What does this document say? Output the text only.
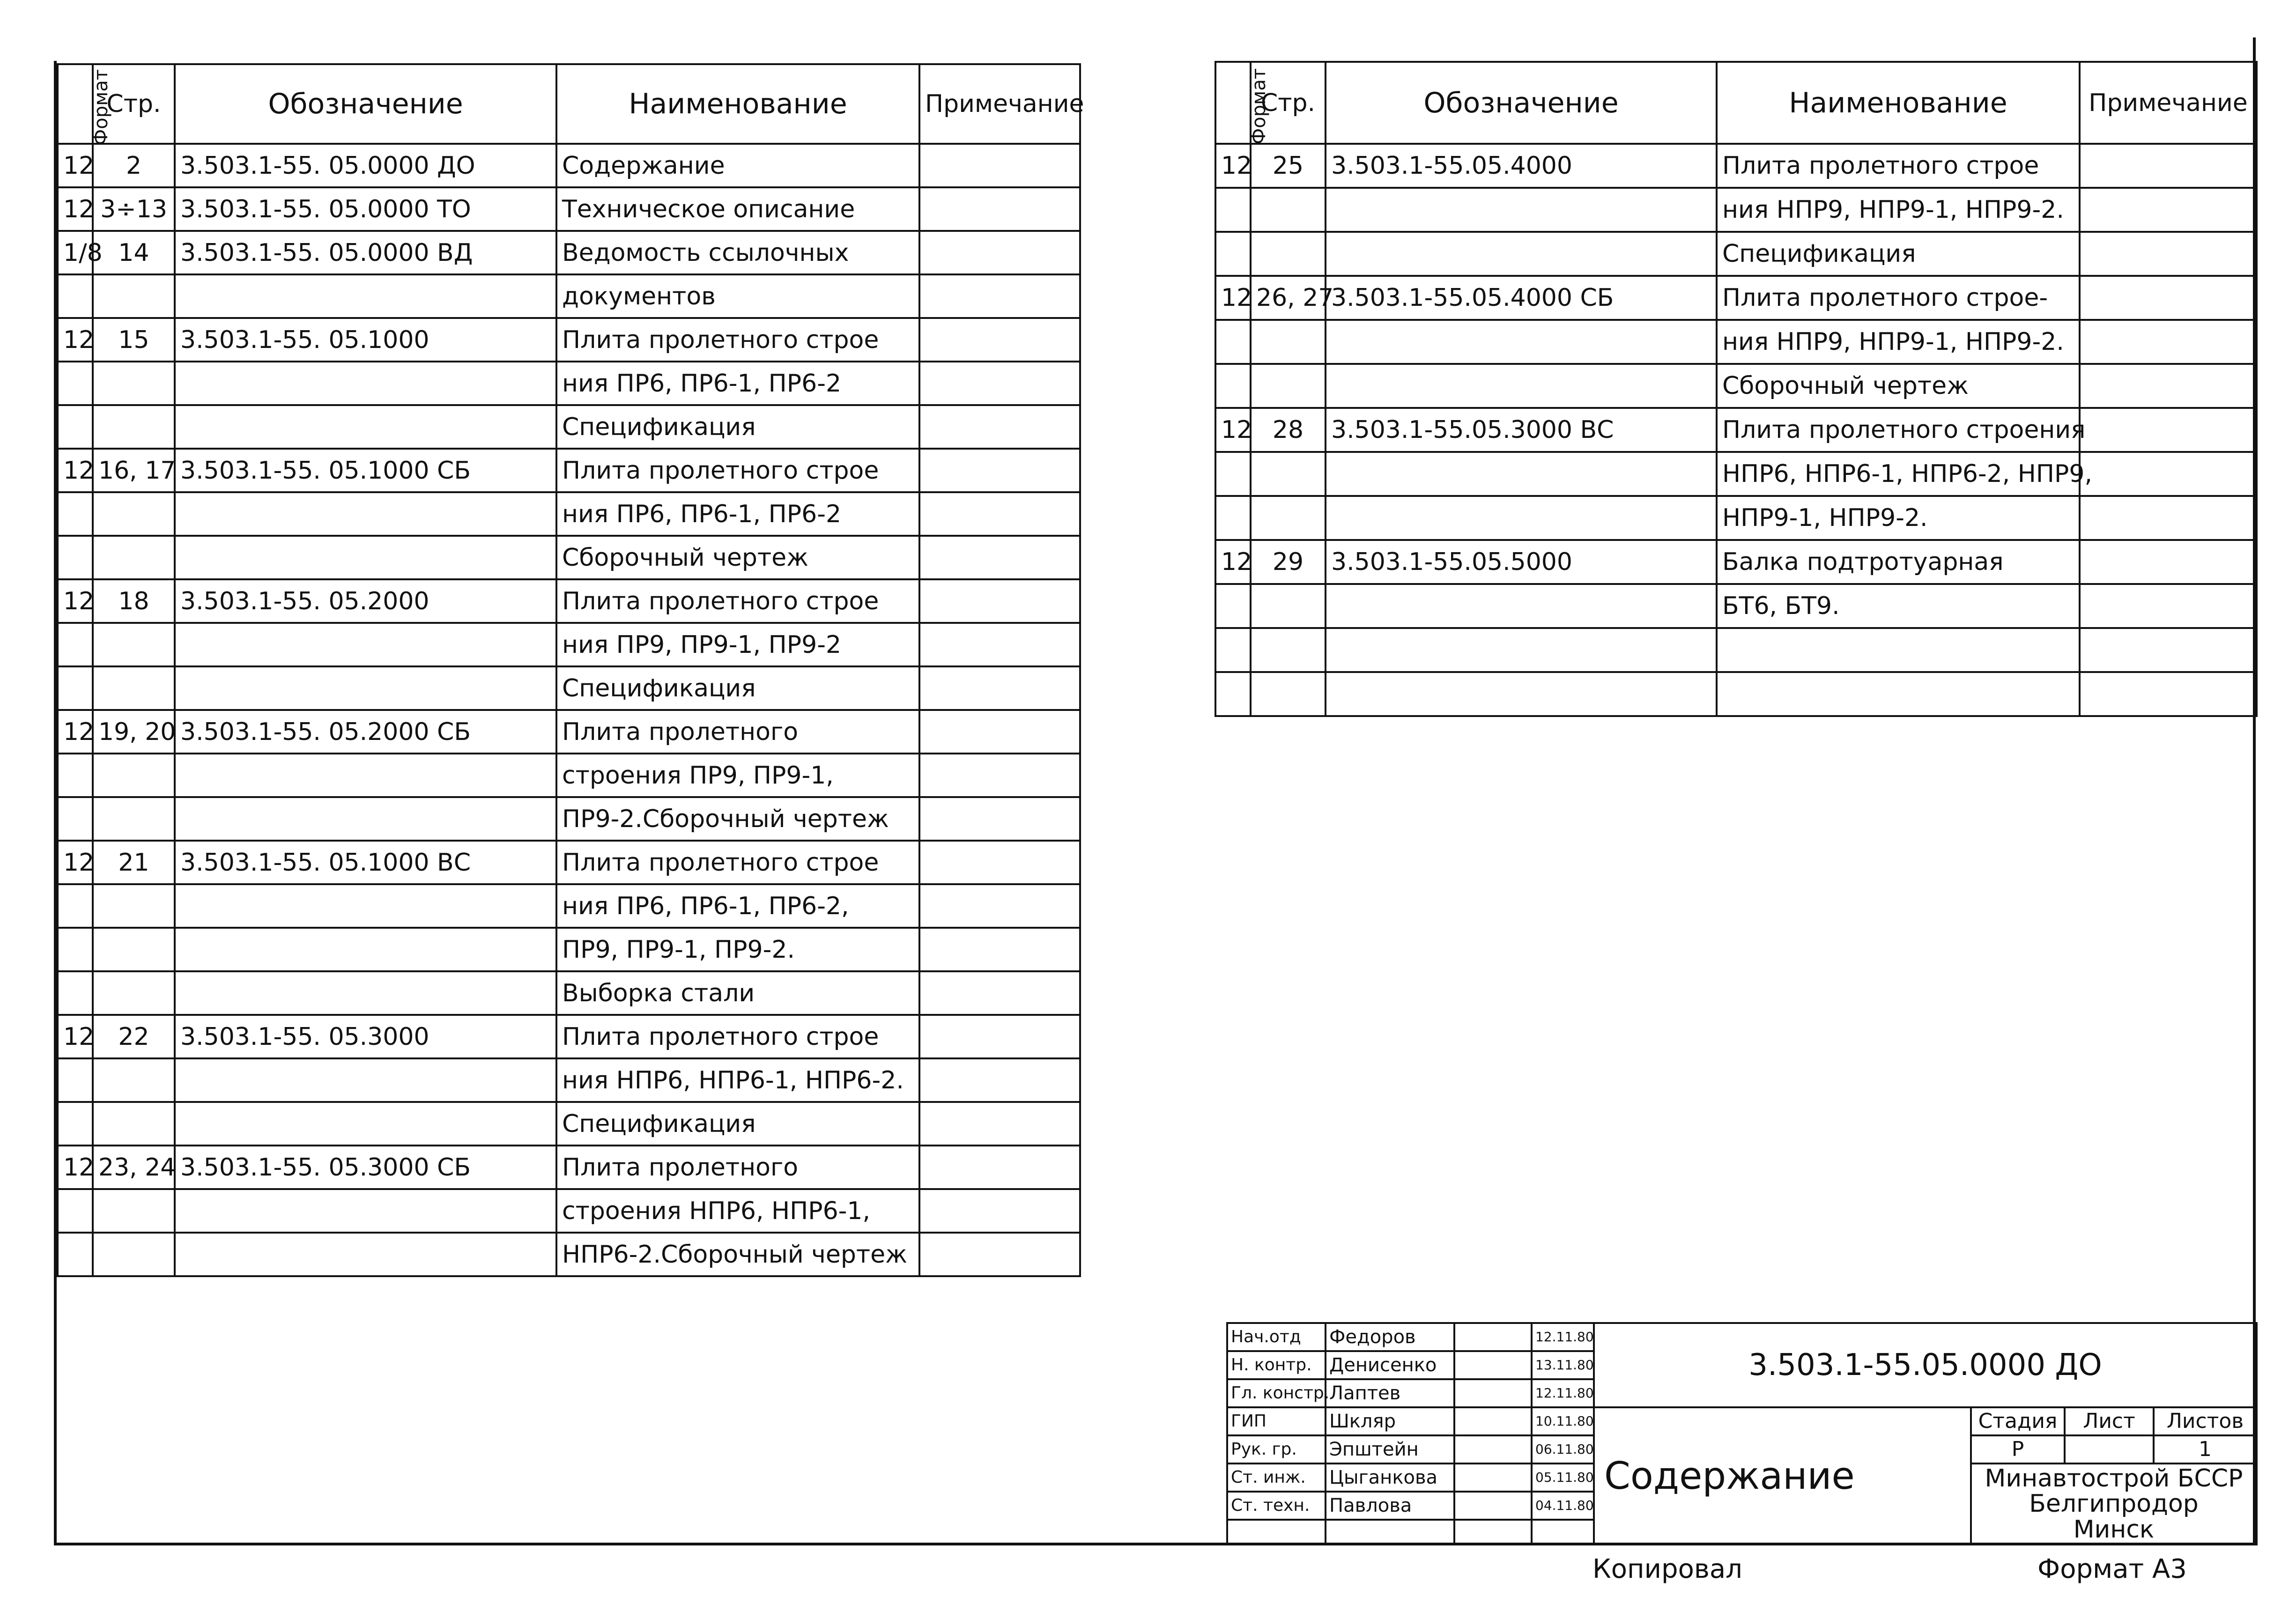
Формат	Стр.	Обозначение	Наименование	Примечание
12	2	3.503.1-55. 05.0000 ДО	Содержание	
12	3÷13	3.503.1-55. 05.0000 ТО	Техническое описание	
1/8	14	3.503.1-55. 05.0000 ВД	Ведомость ссылочных	
			документов	
12	15	3.503.1-55. 05.1000	Плита пролетного строе	
			ния ПР6, ПР6-1, ПР6-2	
			Спецификация	
12	16, 17	3.503.1-55. 05.1000 СБ	Плита пролетного строе	
			ния ПР6, ПР6-1, ПР6-2	
			Сборочный чертеж	
12	18	3.503.1-55. 05.2000	Плита пролетного строе	
			ния ПР9, ПР9-1, ПР9-2	
			Спецификация	
12	19, 20	3.503.1-55. 05.2000 СБ	Плита пролетного	
			строения ПР9, ПР9-1,	
			ПР9-2.Сборочный чертеж	
12	21	3.503.1-55. 05.1000 ВС	Плита пролетного строе	
			ния ПР6, ПР6-1, ПР6-2,	
			ПР9, ПР9-1, ПР9-2.	
			Выборка стали	
12	22	3.503.1-55. 05.3000	Плита пролетного строе	
			ния НПР6, НПР6-1, НПР6-2.	
			Спецификация	
12	23, 24	3.503.1-55. 05.3000 СБ	Плита пролетного	
			строения НПР6, НПР6-1,	
			НПР6-2.Сборочный чертеж	
Формат	Стр.	Обозначение	Наименование	Примечание
12	25	3.503.1-55.05.4000	Плита пролетного строе	
			ния НПР9, НПР9-1, НПР9-2.	
			Спецификация	
12	26, 27	3.503.1-55.05.4000 СБ	Плита пролетного строе-	
			ния НПР9, НПР9-1, НПР9-2.	
			Сборочный чертеж	
12	28	3.503.1-55.05.3000 ВС	Плита пролетного строения	
			НПР6, НПР6-1, НПР6-2, НПР9,	
			НПР9-1, НПР9-2.	
12	29	3.503.1-55.05.5000	Балка подтротуарная	
			БТ6, БТ9.	

Нач.отд	Федоров		12.11.80	3.503.1-55.05.0000 ДО			
Н. контр.	Денисенко		13.11.80				
Гл. констр.	Лаптев		12.11.80				
ГИП	Шкляр		10.11.80	Содержание	Стадия	Лист	Листов
Рук. гр.	Эпштейн		06.11.80		Р		1
Ст. инж.	Цыганкова		05.11.80		Минавтострой БССР
Белгипродор
Минск		

Ст. техн.	Павлова		04.11.80				

Копировал	Формат А3
